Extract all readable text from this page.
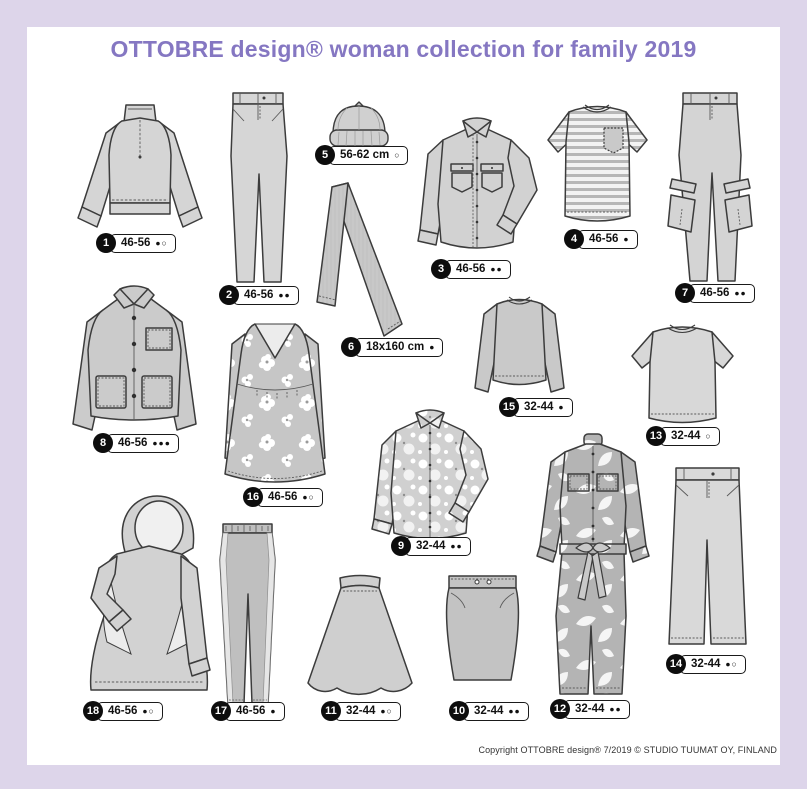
OTTOBRE design® woman collection for family 2019
1	46-56 ●○
2	46-56 ●●
5	56-62 cm ○
3	46-56 ●●
4	46-56 ●
7	46-56 ●●
8	46-56 ●●●
16 46-56 ●○
6	18x160 cm ●
15 32-44 ●
13 32-44 ○
9	32-44 ●●
18 46-56 ●○	17 46-56 ●	11 32-44 ●○	10 32-44 ●●	12 32-44 ●●
14 32-44 ●○
Copyright OTTOBRE design® 7/2019 © STUDIO TUUMAT OY, FINLAND
